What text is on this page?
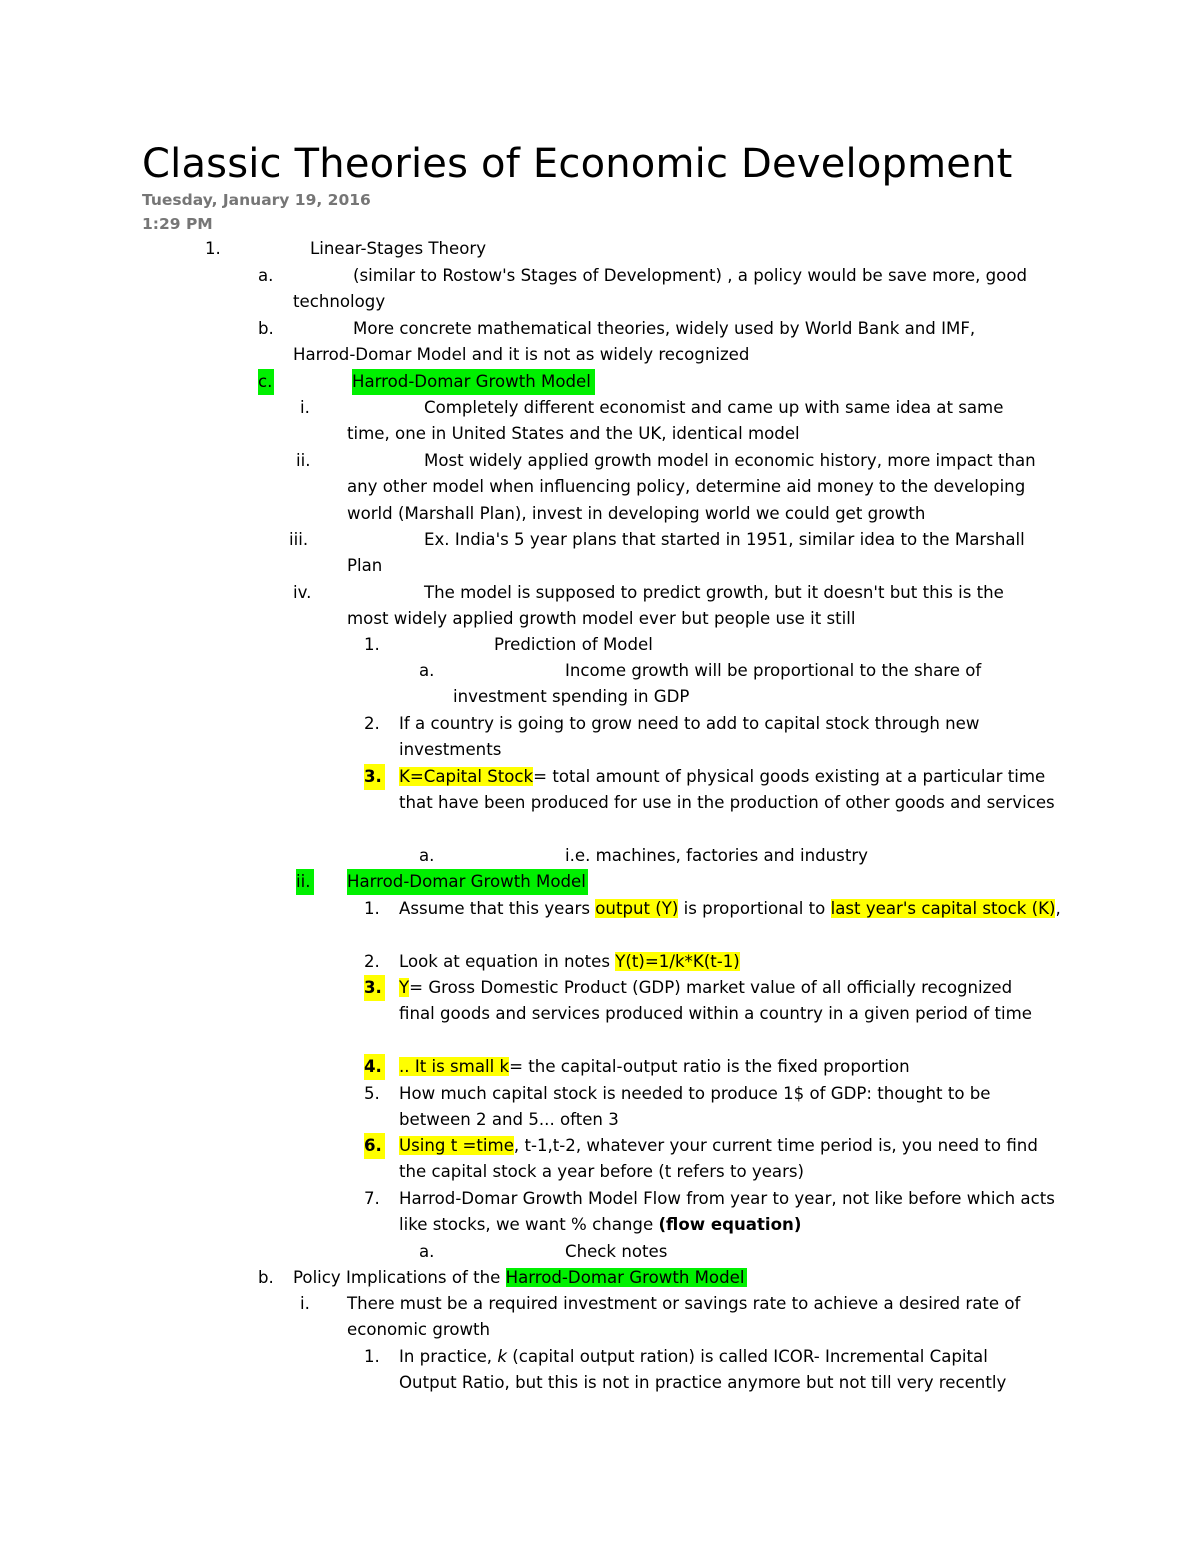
Classic Theories of Economic Development
Tuesday, January 19, 2016
1:29 PM
1.	Linear-Stages Theory
a.	(similar to Rostow's Stages of Development) , a policy would be save more, good technology
b.	More concrete mathematical theories, widely used by World Bank and IMF, Harrod-Domar Model and it is not as widely recognized
c.	Harrod-Domar Growth Model
i.	Completely different economist and came up with same idea at same time, one in United States and the UK, identical model
ii.	Most widely applied growth model in economic history, more impact than any other model when influencing policy, determine aid money to the developing world (Marshall Plan), invest in developing world we could get growth
iii.	Ex. India's 5 year plans that started in 1951, similar idea to the Marshall Plan
iv.	The model is supposed to predict growth, but it doesn't but this is the most widely applied growth model ever but people use it still
1.	Prediction of Model
a.	Income growth will be proportional to the share of investment spending in GDP
2. If a country is going to grow need to add to capital stock through new investments
3. K=Capital Stock= total amount of physical goods existing at a particular time that have been produced for use in the production of other goods and services
a.	i.e. machines, factories and industry
ii. Harrod-Domar Growth Model
1. Assume that this years output (Y) is proportional to last year's capital stock (K),
2. Look at equation in notes Y(t)=1/k*K(t-1)
3. Y= Gross Domestic Product (GDP) market value of all officially recognized final goods and services produced within a country in a given period of time
4. .. It is small k= the capital-output ratio is the fixed proportion
5. How much capital stock is needed to produce 1$ of GDP: thought to be between 2 and 5... often 3
6. Using t =time, t-1,t-2, whatever your current time period is, you need to find the capital stock a year before (t refers to years)
7. Harrod-Domar Growth Model Flow from year to year, not like before which acts like stocks, we want % change (flow equation)
a.	Check notes
b. Policy Implications of the Harrod-Domar Growth Model
i. There must be a required investment or savings rate to achieve a desired rate of economic growth
1. In practice, k (capital output ration) is called ICOR- Incremental Capital Output Ratio, but this is not in practice anymore but not till very recently
